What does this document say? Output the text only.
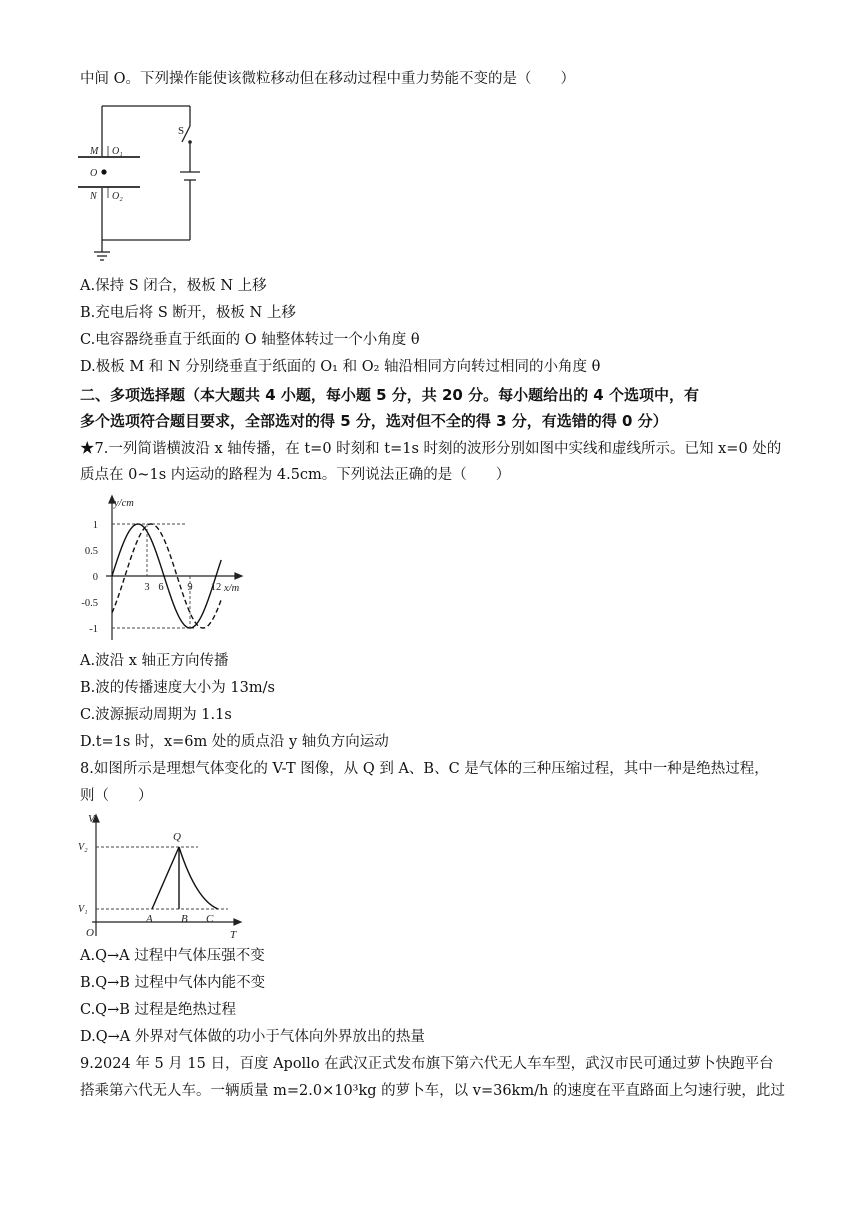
中间 O。下列操作能使该微粒移动但在移动过程中重力势能不变的是（　　）
S
M O₁
O
N O₂
A.保持 S 闭合，极板 N 上移
B.充电后将 S 断开，极板 N 上移
C.电容器绕垂直于纸面的 O 轴整体转过一个小角度 θ
D.极板 M 和 N 分别绕垂直于纸面的 O₁ 和 O₂ 轴沿相同方向转过相同的小角度 θ
二、多项选择题（本大题共 4 小题，每小题 5 分，共 20 分。每小题给出的 4 个选项中，有
多个选项符合题目要求，全部选对的得 5 分，选对但不全的得 3 分，有选错的得 0 分）
★7.一列简谐横波沿 x 轴传播，在 t=0 时刻和 t=1s 时刻的波形分别如图中实线和虚线所示。已知 x=0 处的
质点在 0~1s 内运动的路程为 4.5cm。下列说法正确的是（　　）
y/cm
x/m
1
0.5
0
-0.5
-1
3 6 9 12
A.波沿 x 轴正方向传播
B.波的传播速度大小为 13m/s
C.波源振动周期为 1.1s
D.t=1s 时，x=6m 处的质点沿 y 轴负方向运动
8.如图所示是理想气体变化的 V-T 图像，从 Q 到 A、B、C 是气体的三种压缩过程，其中一种是绝热过程，
则（　　）
V
T
O
V₂
V₁
Q
A	B C
A.Q→A 过程中气体压强不变
B.Q→B 过程中气体内能不变
C.Q→B 过程是绝热过程
D.Q→A 外界对气体做的功小于气体向外界放出的热量
9.2024 年 5 月 15 日，百度 Apollo 在武汉正式发布旗下第六代无人车车型，武汉市民可通过萝卜快跑平台
搭乘第六代无人车。一辆质量 m=2.0×10³kg 的萝卜车，以 v=36km/h 的速度在平直路面上匀速行驶，此过
